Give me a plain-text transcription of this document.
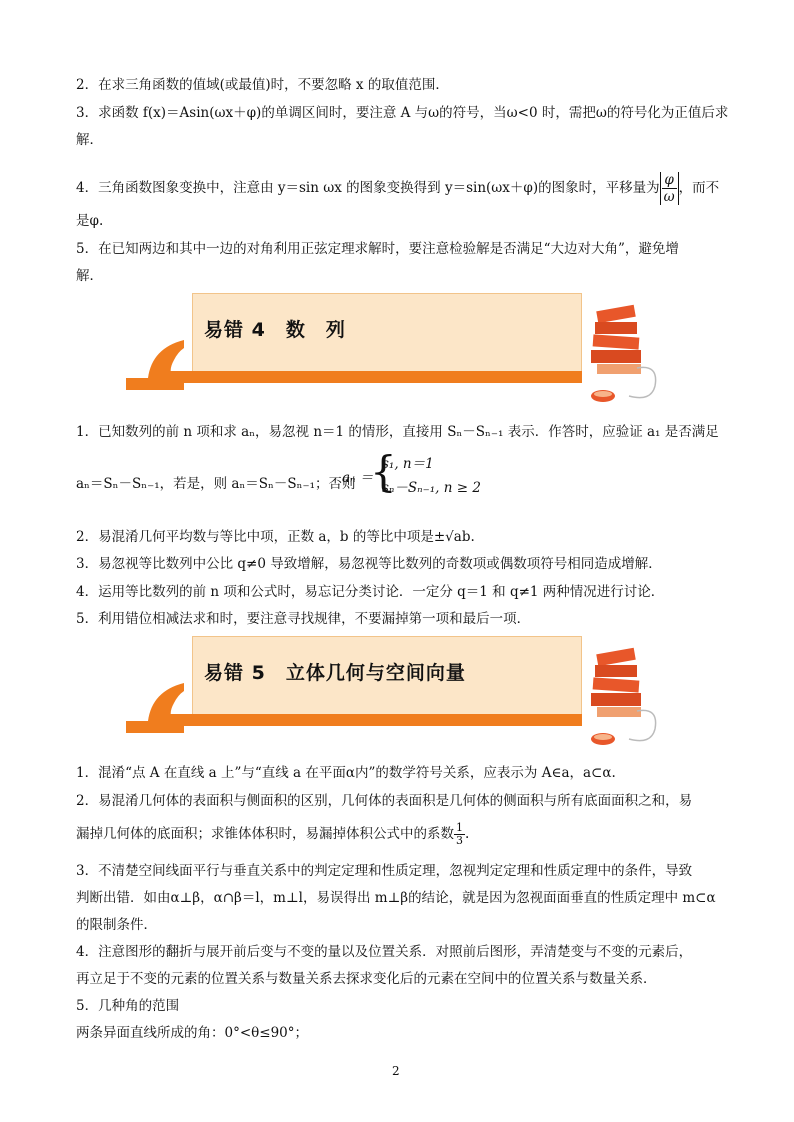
2．在求三角函数的值域(或最值)时，不要忽略 x 的取值范围．
3．求函数 f(x)＝Asin(ωx＋φ)的单调区间时，要注意 A 与ω的符号，当ω<0 时，需把ω的符号化为正值后求
解．
4．三角函数图象变换中，注意由 y＝sin ωx 的图象变换得到 y＝sin(ωx＋φ)的图象时，平移量为 $\frac{\varphi}{\omega}$ ，而不
是φ.
5．在已知两边和其中一边的对角利用正弦定理求解时，要注意检验解是否满足“大边对大角”，避免增
解．
易错 4　数　列
1．已知数列的前 n 项和求 aₙ，易忽视 n＝1 的情形，直接用 Sₙ－Sₙ₋₁ 表示．作答时，应验证 a₁ 是否满足
aₙ＝Sₙ－Sₙ₋₁，若是，则 aₙ＝Sₙ－Sₙ₋₁；否则
aₙ ＝
{
s₁, n＝1
sₙ－Sₙ₋₁, n ≥ 2
2．易混淆几何平均数与等比中项，正数 a，b 的等比中项是±√ab.
3．易忽视等比数列中公比 q≠0 导致增解，易忽视等比数列的奇数项或偶数项符号相同造成增解．
4．运用等比数列的前 n 项和公式时，易忘记分类讨论．一定分 q＝1 和 q≠1 两种情况进行讨论．
5．利用错位相减法求和时，要注意寻找规律，不要漏掉第一项和最后一项．
易错 5　立体几何与空间向量
1．混淆“点 A 在直线 a 上”与“直线 a 在平面α内”的数学符号关系，应表示为 A∈a，a⊂α.
2．易混淆几何体的表面积与侧面积的区别，几何体的表面积是几何体的侧面积与所有底面面积之和，易
漏掉几何体的底面积；求锥体体积时，易漏掉体积公式中的系数 $\frac{1}{3}$ .
3．不清楚空间线面平行与垂直关系中的判定定理和性质定理，忽视判定定理和性质定理中的条件，导致
判断出错．如由α⊥β，α∩β＝l，m⊥l，易误得出 m⊥β的结论，就是因为忽视面面垂直的性质定理中 m⊂α
的限制条件．
4．注意图形的翻折与展开前后变与不变的量以及位置关系．对照前后图形，弄清楚变与不变的元素后，
再立足于不变的元素的位置关系与数量关系去探求变化后的元素在空间中的位置关系与数量关系．
5．几种角的范围
两条异面直线所成的角：0°<θ≤90°；
2
